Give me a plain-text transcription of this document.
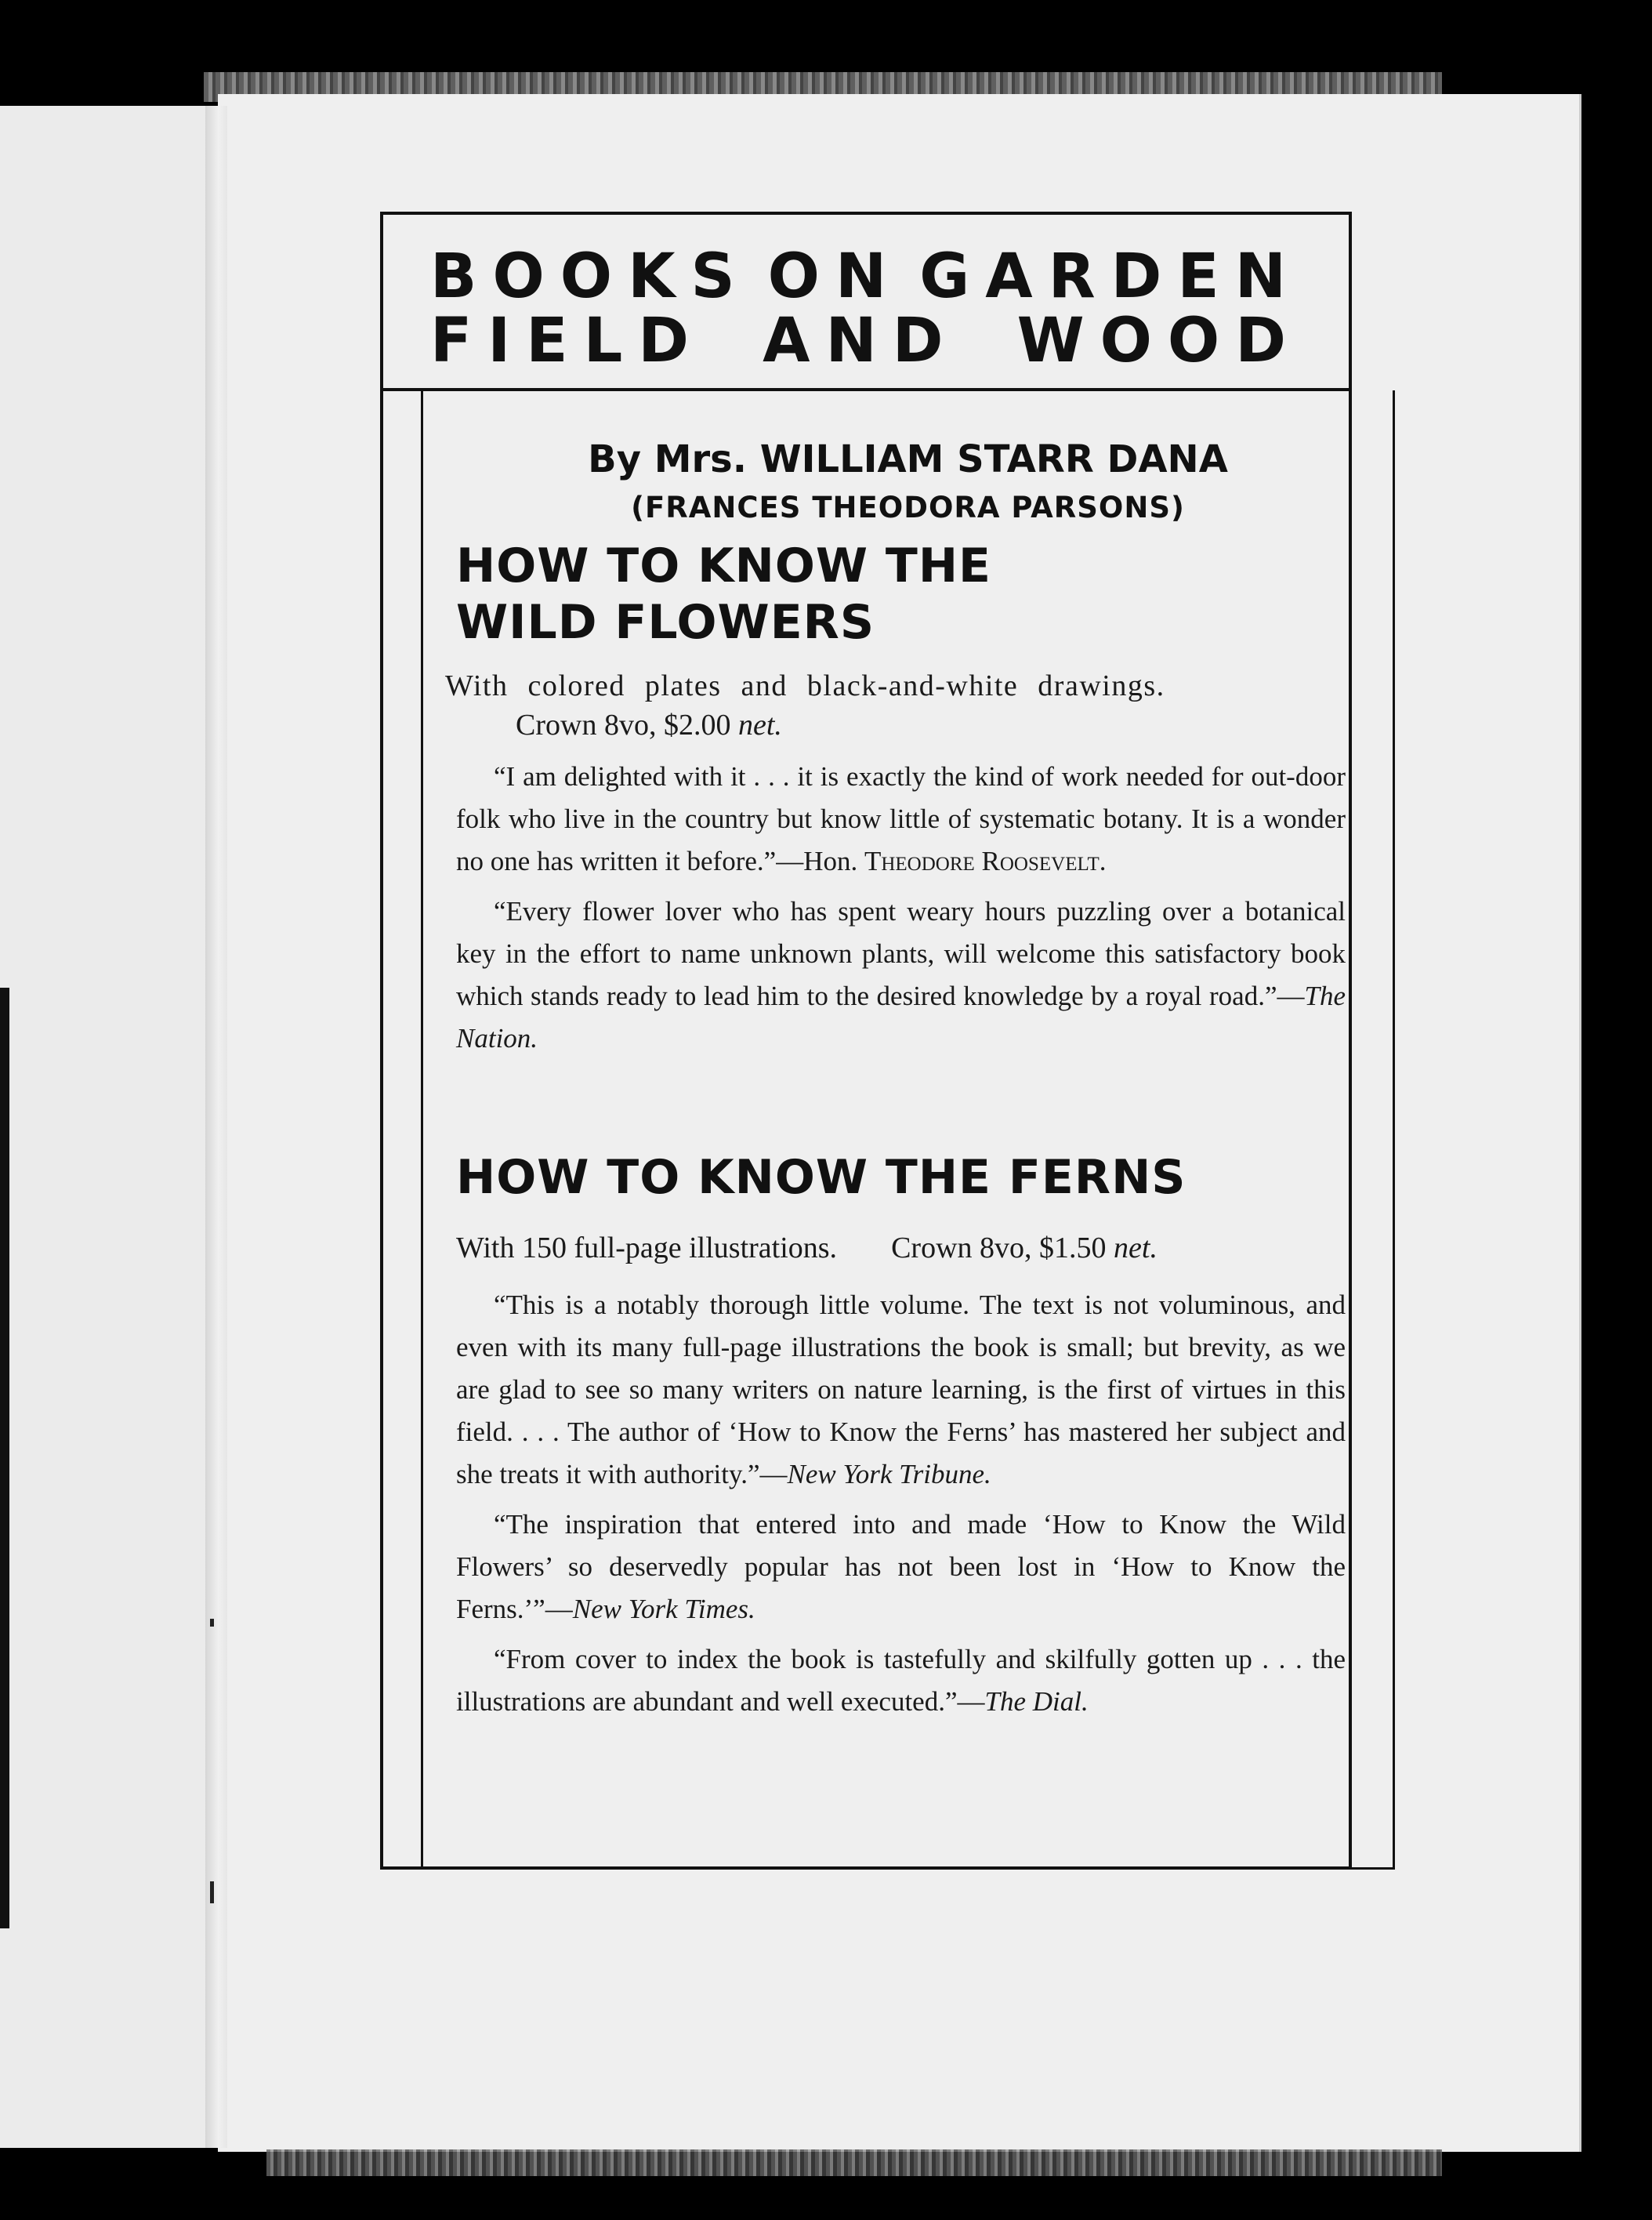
BOOKS ON GARDEN
FIELD AND WOOD
By Mrs. WILLIAM STARR DANA
(FRANCES THEODORA PARSONS)
HOW TO KNOW THE
WILD FLOWERS
With colored plates and black-and-white drawings.
Crown 8vo, $2.00 net.

“I am delighted with it . . . it is exactly the kind of work needed for out-door folk who live in the country but know little of systematic botany. It is a wonder no one has written it before.”—Hon. Theodore Roosevelt.

“Every flower lover who has spent weary hours puzzling over a botanical key in the effort to name unknown plants, will welcome this satisfactory book which stands ready to lead him to the desired knowledge by a royal road.”—The Nation.

HOW TO KNOW THE FERNS
With 150 full-page illustrations. Crown 8vo, $1.50 net.

“This is a notably thorough little volume. The text is not voluminous, and even with its many full-page illustrations the book is small; but brevity, as we are glad to see so many writers on nature learning, is the first of virtues in this field. . . . The author of ‘How to Know the Ferns’ has mastered her subject and she treats it with authority.”—New York Tribune.

“The inspiration that entered into and made ‘How to Know the Wild Flowers’ so deservedly popular has not been lost in ‘How to Know the Ferns.’”—New York Times.

“From cover to index the book is tastefully and skilfully gotten up . . . the illustrations are abundant and well executed.”—The Dial.
